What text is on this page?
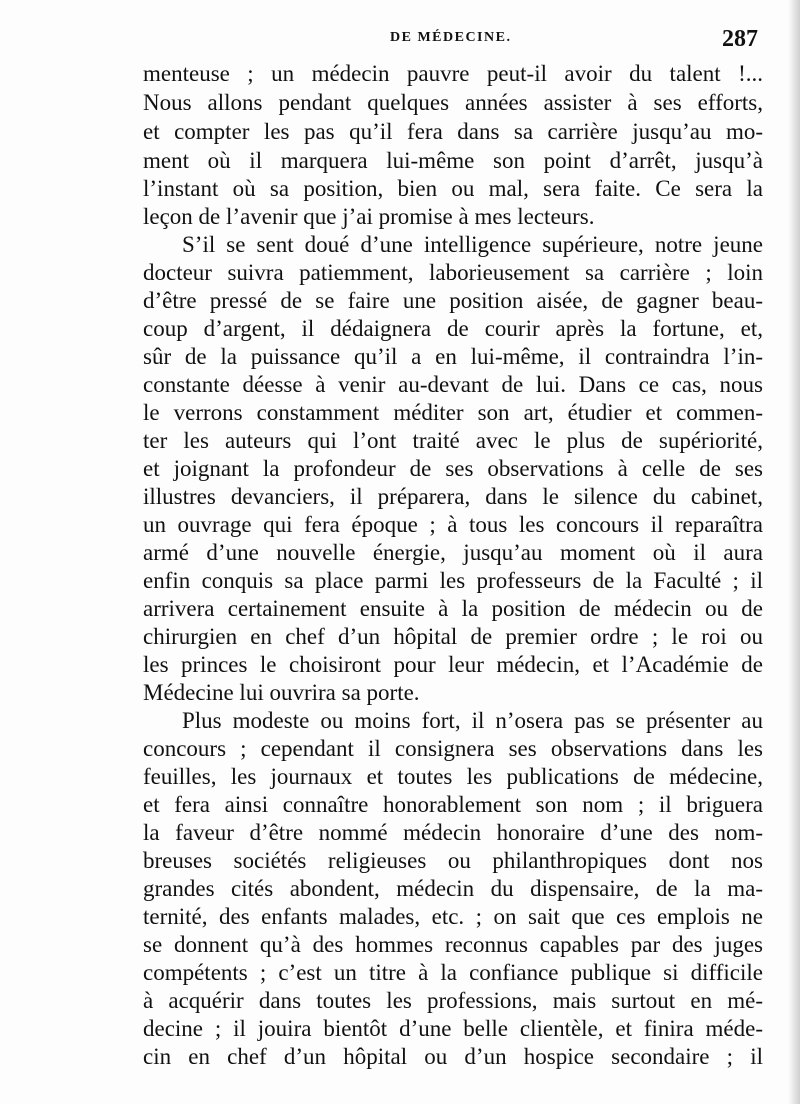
DE MÉDECINE.	287
menteuse ; un médecin pauvre peut-il avoir du talent !...
Nous allons pendant quelques années assister à ses efforts,
et compter les pas qu’il fera dans sa carrière jusqu’au mo-
ment où il marquera lui-même son point d’arrêt, jusqu’à
l’instant où sa position, bien ou mal, sera faite. Ce sera la
leçon de l’avenir que j’ai promise à mes lecteurs.
S’il se sent doué d’une intelligence supérieure, notre jeune
docteur suivra patiemment, laborieusement sa carrière ; loin
d’être pressé de se faire une position aisée, de gagner beau-
coup d’argent, il dédaignera de courir après la fortune, et,
sûr de la puissance qu’il a en lui-même, il contraindra l’in-
constante déesse à venir au-devant de lui. Dans ce cas, nous
le verrons constamment méditer son art, étudier et commen-
ter les auteurs qui l’ont traité avec le plus de supériorité,
et joignant la profondeur de ses observations à celle de ses
illustres devanciers, il préparera, dans le silence du cabinet,
un ouvrage qui fera époque ; à tous les concours il reparaîtra
armé d’une nouvelle énergie, jusqu’au moment où il aura
enfin conquis sa place parmi les professeurs de la Faculté ; il
arrivera certainement ensuite à la position de médecin ou de
chirurgien en chef d’un hôpital de premier ordre ; le roi ou
les princes le choisiront pour leur médecin, et l’Académie de
Médecine lui ouvrira sa porte.
Plus modeste ou moins fort, il n’osera pas se présenter au
concours ; cependant il consignera ses observations dans les
feuilles, les journaux et toutes les publications de médecine,
et fera ainsi connaître honorablement son nom ; il briguera
la faveur d’être nommé médecin honoraire d’une des nom-
breuses sociétés religieuses ou philanthropiques dont nos
grandes cités abondent, médecin du dispensaire, de la ma-
ternité, des enfants malades, etc. ; on sait que ces emplois ne
se donnent qu’à des hommes reconnus capables par des juges
compétents ; c’est un titre à la confiance publique si difficile
à acquérir dans toutes les professions, mais surtout en mé-
decine ; il jouira bientôt d’une belle clientèle, et finira méde-
cin en chef d’un hôpital ou d’un hospice secondaire ; il
